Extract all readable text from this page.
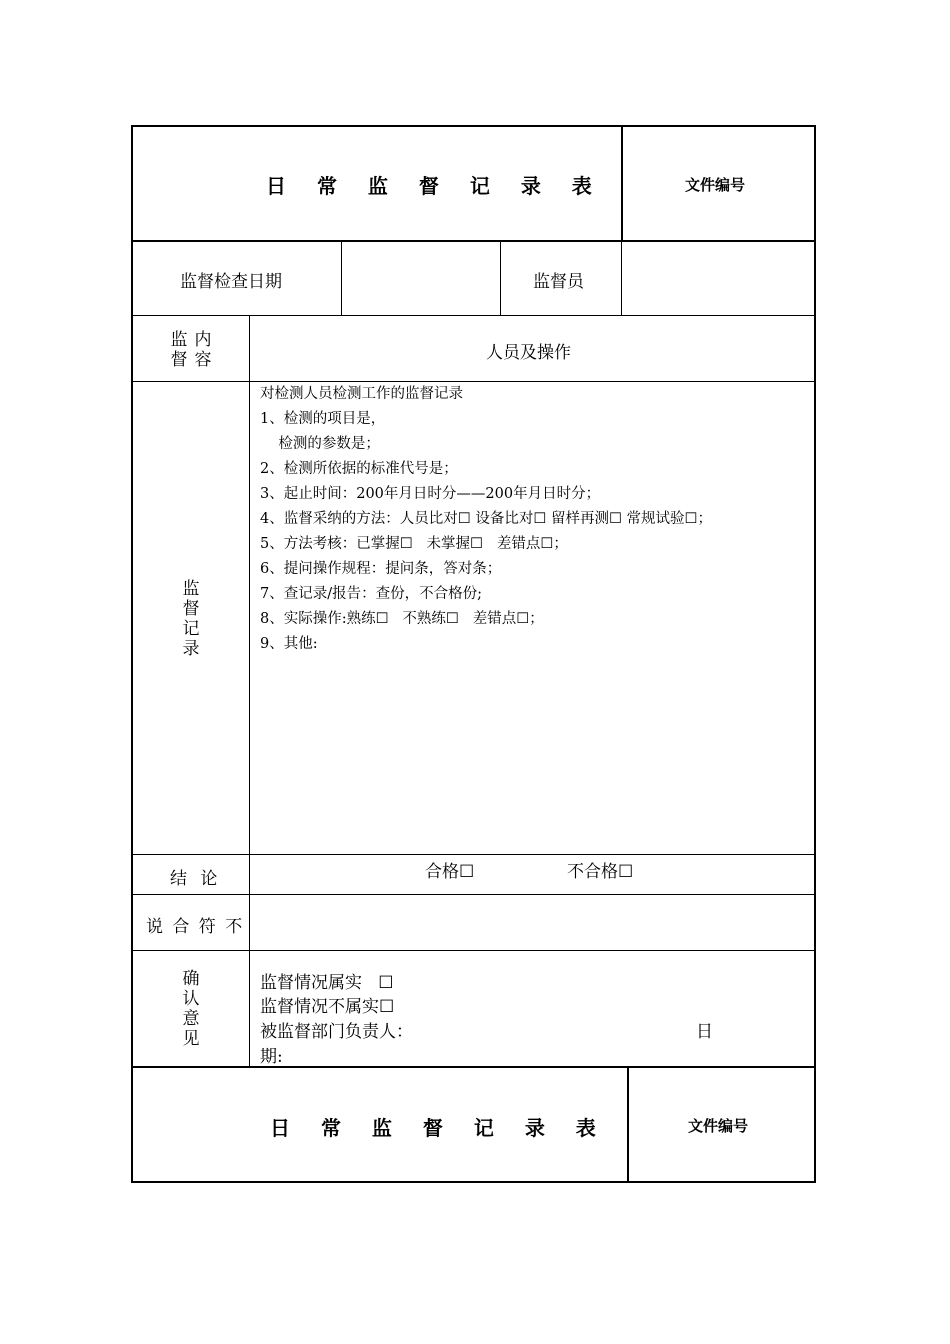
日 常 监 督 记 录 表	文件编号
监督检查日期	监督员
监督
内容	人员及操作
监督记录
对检测人员检测工作的监督记录
1、检测的项目是，
检测的参数是；
2、检测所依据的标准代号是；
3、起止时间：200年月日时分——200年月日时分；
4、监督采纳的方法：人员比对☐ 设备比对☐ 留样再测☐ 常规试验☐；
5、方法考核：已掌握☐   未掌握☐   差错点☐；
6、提问操作规程：提问条，答对条；
7、查记录/报告：查份，不合格份;
8、实际操作:熟练☐   不熟练☐   差错点☐；
9、其他:
结 论	合格☐	不合格☐
说 合 符 不
确认意见
监督情况属实   ☐
监督情况不属实☐
被监督部门负责人：	日
期:
日 常 监 督 记 录 表	文件编号
